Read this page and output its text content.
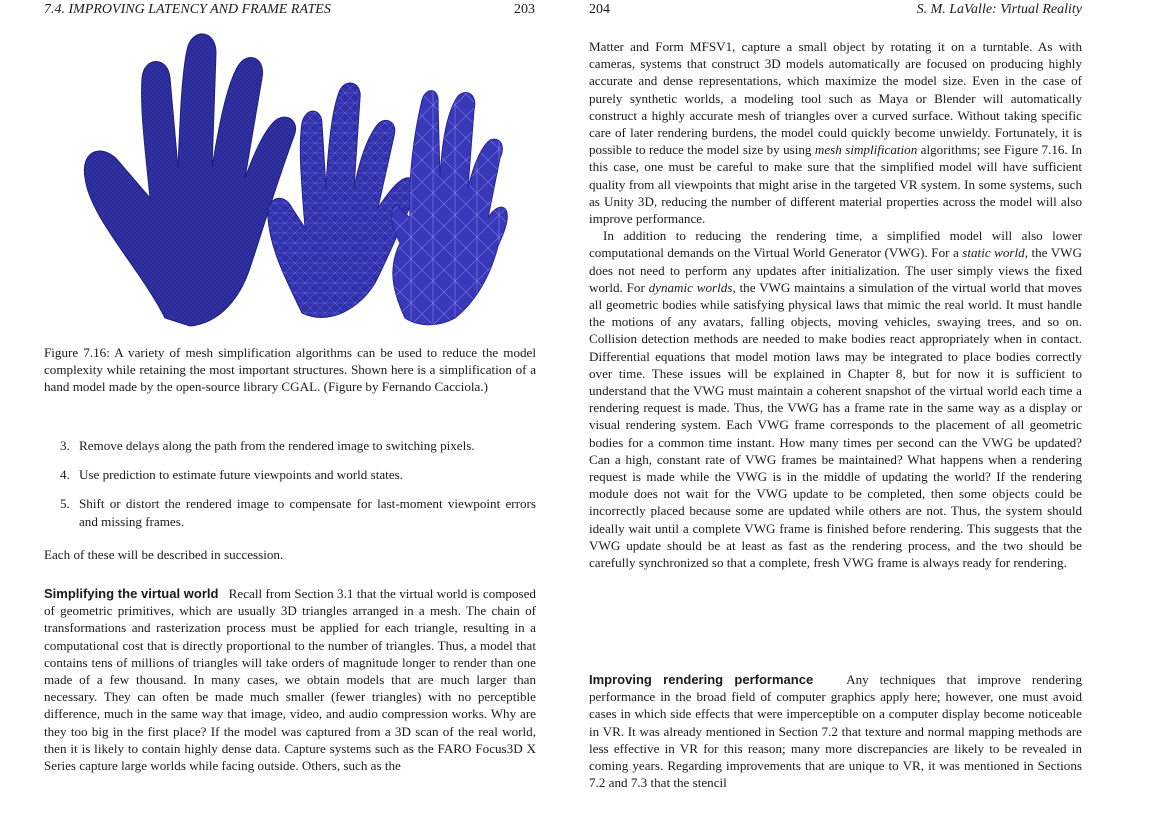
7.4. IMPROVING LATENCY AND FRAME RATES	203
Figure 7.16: A variety of mesh simplification algorithms can be used to reduce the model complexity while retaining the most important structures. Shown here is a simplification of a hand model made by the open-source library CGAL. (Figure by Fernando Cacciola.)
3. Remove delays along the path from the rendered image to switching pixels.
4. Use prediction to estimate future viewpoints and world states.
5. Shift or distort the rendered image to compensate for last-moment viewpoint errors and missing frames.

Each of these will be described in succession.

Simplifying the virtual world Recall from Section 3.1 that the virtual world is composed of geometric primitives, which are usually 3D triangles arranged in a mesh. The chain of transformations and rasterization process must be applied for each triangle, resulting in a computational cost that is directly proportional to the number of triangles. Thus, a model that contains tens of millions of triangles will take orders of magnitude longer to render than one made of a few thousand. In many cases, we obtain models that are much larger than necessary. They can often be made much smaller (fewer triangles) with no perceptible difference, much in the same way that image, video, and audio compression works. Why are they too big in the first place? If the model was captured from a 3D scan of the real world, then it is likely to contain highly dense data. Capture systems such as the FARO Focus3D X Series capture large worlds while facing outside. Others, such as the

204	S. M. LaValle: Virtual Reality

Matter and Form MFSV1, capture a small object by rotating it on a turntable. As with cameras, systems that construct 3D models automatically are focused on producing highly accurate and dense representations, which maximize the model size. Even in the case of purely synthetic worlds, a modeling tool such as Maya or Blender will automatically construct a highly accurate mesh of triangles over a curved surface. Without taking specific care of later rendering burdens, the model could quickly become unwieldy. Fortunately, it is possible to reduce the model size by using mesh simplification algorithms; see Figure 7.16. In this case, one must be careful to make sure that the simplified model will have sufficient quality from all viewpoints that might arise in the targeted VR system. In some systems, such as Unity 3D, reducing the number of different material properties across the model will also improve performance.

In addition to reducing the rendering time, a simplified model will also lower computational demands on the Virtual World Generator (VWG). For a static world, the VWG does not need to perform any updates after initialization. The user simply views the fixed world. For dynamic worlds, the VWG maintains a simulation of the virtual world that moves all geometric bodies while satisfying physical laws that mimic the real world. It must handle the motions of any avatars, falling objects, moving vehicles, swaying trees, and so on. Collision detection methods are needed to make bodies react appropriately when in contact. Differential equations that model motion laws may be integrated to place bodies correctly over time. These issues will be explained in Chapter 8, but for now it is sufficient to understand that the VWG must maintain a coherent snapshot of the virtual world each time a rendering request is made. Thus, the VWG has a frame rate in the same way as a display or visual rendering system. Each VWG frame corresponds to the placement of all geometric bodies for a common time instant. How many times per second can the VWG be updated? Can a high, constant rate of VWG frames be maintained? What happens when a rendering request is made while the VWG is in the middle of updating the world? If the rendering module does not wait for the VWG update to be completed, then some objects could be incorrectly placed because some are updated while others are not. Thus, the system should ideally wait until a complete VWG frame is finished before rendering. This suggests that the VWG update should be at least as fast as the rendering process, and the two should be carefully synchronized so that a complete, fresh VWG frame is always ready for rendering.

Improving rendering performance	Any techniques that improve rendering performance in the broad field of computer graphics apply here; however, one must avoid cases in which side effects that were imperceptible on a computer display become noticeable in VR. It was already mentioned in Section 7.2 that texture and normal mapping methods are less effective in VR for this reason; many more discrepancies are likely to be revealed in coming years. Regarding improvements that are unique to VR, it was mentioned in Sections 7.2 and 7.3 that the stencil
